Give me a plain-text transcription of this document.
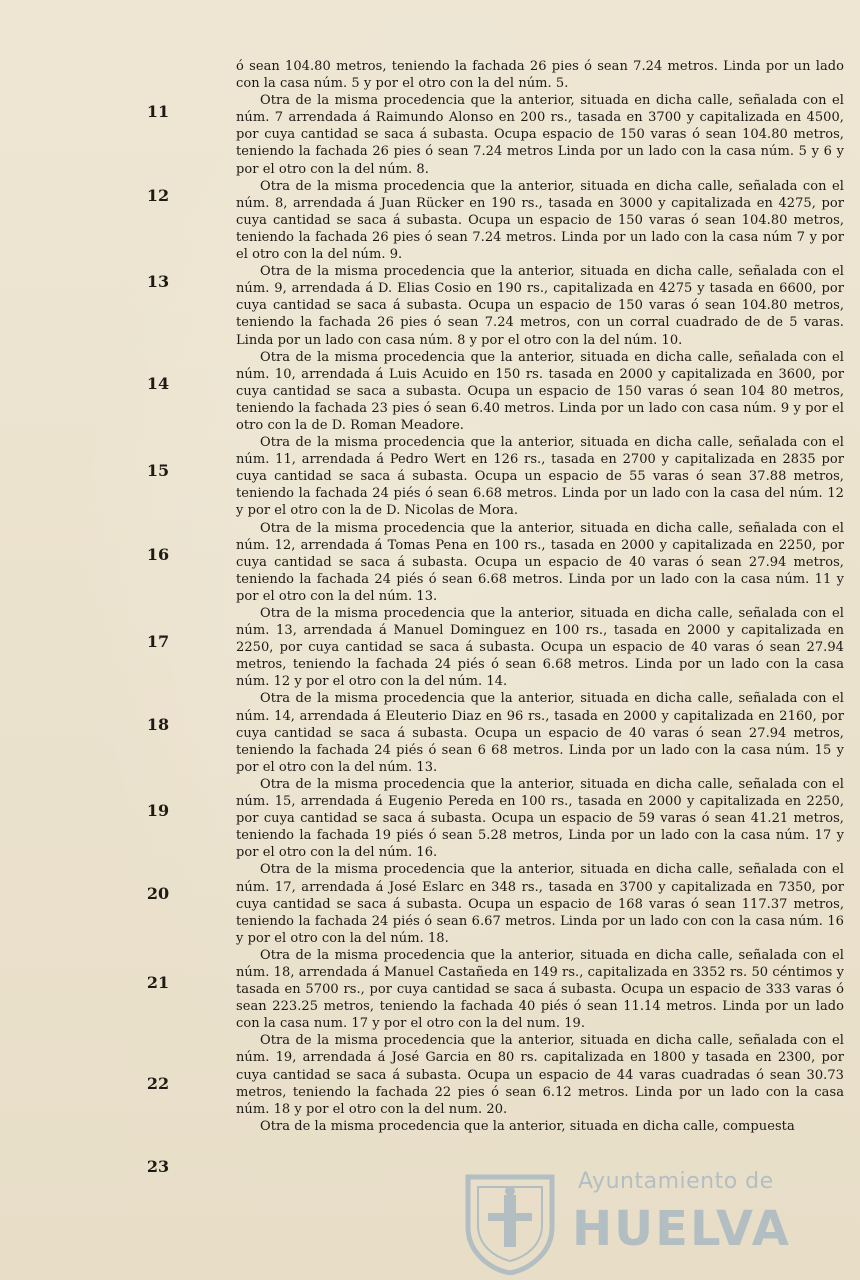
11
12
13
14
15
16
17
18
19
20
21
22
23

ó sean 104.80 metros, teniendo la fachada 26 pies ó sean 7.24 metros. Linda por un lado con la casa núm. 5 y por el otro con la del núm. 5.

Otra de la misma procedencia que la anterior, situada en dicha calle, señalada con el núm. 7 arrendada á Raimundo Alonso en 200 rs., tasada en 3700 y capitalizada en 4500, por cuya cantidad se saca á subasta. Ocupa espacio de 150 varas ó sean 104.80 metros, teniendo la fachada 26 pies ó sean 7.24 metros Linda por un lado con la casa núm. 5 y 6 y por el otro con la del núm. 8.

Otra de la misma procedencia que la anterior, situada en dicha calle, señalada con el núm. 8, arrendada á Juan Rücker en 190 rs., tasada en 3000 y capitalizada en 4275, por cuya cantidad se saca á subasta. Ocupa un espacio de 150 varas ó sean 104.80 metros, teniendo la fachada 26 pies ó sean 7.24 metros. Linda por un lado con la casa núm 7 y por el otro con la del núm. 9.

Otra de la misma procedencia que la anterior, situada en dicha calle, señalada con el núm. 9, arrendada á D. Elias Cosio en 190 rs., capitalizada en 4275 y tasada en 6600, por cuya cantidad se saca á subasta. Ocupa un espacio de 150 varas ó sean 104.80 metros, teniendo la fachada 26 pies ó sean 7.24 metros, con un corral cuadrado de de 5 varas. Linda por un lado con casa núm. 8 y por el otro con la del núm. 10.

Otra de la misma procedencia que la anterior, situada en dicha calle, señalada con el núm. 10, arrendada á Luis Acuido en 150 rs. tasada en 2000 y capitalizada en 3600, por cuya cantidad se saca a subasta. Ocupa un espacio de 150 varas ó sean 104 80 metros, teniendo la fachada 23 pies ó sean 6.40 metros. Linda por un lado con casa núm. 9 y por el otro con la de D. Roman Meadore.

Otra de la misma procedencia que la anterior, situada en dicha calle, señalada con el núm. 11, arrendada á Pedro Wert en 126 rs., tasada en 2700 y capitalizada en 2835 por cuya cantidad se saca á subasta. Ocupa un espacio de 55 varas ó sean 37.88 metros, teniendo la fachada 24 piés ó sean 6.68 metros. Linda por un lado con la casa del núm. 12 y por el otro con la de D. Nicolas de Mora.

Otra de la misma procedencia que la anterior, situada en dicha calle, señalada con el núm. 12, arrendada á Tomas Pena en 100 rs., tasada en 2000 y capitalizada en 2250, por cuya cantidad se saca á subasta. Ocupa un espacio de 40 varas ó sean 27.94 metros, teniendo la fachada 24 piés ó sean 6.68 metros. Linda por un lado con la casa núm. 11 y por el otro con la del núm. 13.

Otra de la misma procedencia que la anterior, situada en dicha calle, señalada con el núm. 13, arrendada á Manuel Dominguez en 100 rs., tasada en 2000 y capitalizada en 2250, por cuya cantidad se saca á subasta. Ocupa un espacio de 40 varas ó sean 27.94 metros, teniendo la fachada 24 piés ó sean 6.68 metros. Linda por un lado con la casa núm. 12 y por el otro con la del núm. 14.

Otra de la misma procedencia que la anterior, situada en dicha calle, señalada con el núm. 14, arrendada á Eleuterio Diaz en 96 rs., tasada en 2000 y capitalizada en 2160, por cuya cantidad se saca á subasta. Ocupa un espacio de 40 varas ó sean 27.94 metros, teniendo la fachada 24 piés ó sean 6 68 metros. Linda por un lado con la casa núm. 15 y por el otro con la del núm. 13.

Otra de la misma procedencia que la anterior, situada en dicha calle, señalada con el núm. 15, arrendada á Eugenio Pereda en 100 rs., tasada en 2000 y capitalizada en 2250, por cuya cantidad se saca á subasta. Ocupa un espacio de 59 varas ó sean 41.21 metros, teniendo la fachada 19 piés ó sean 5.28 metros, Linda por un lado con la casa núm. 17 y por el otro con la del núm. 16.

Otra de la misma procedencia que la anterior, situada en dicha calle, señalada con el núm. 17, arrendada á José Eslarc en 348 rs., tasada en 3700 y capitalizada en 7350, por cuya cantidad se saca á subasta. Ocupa un espacio de 168 varas ó sean 117.37 metros, teniendo la fachada 24 piés ó sean 6.67 metros. Linda por un lado con con la casa núm. 16 y por el otro con la del núm. 18.

Otra de la misma procedencia que la anterior, situada en dicha calle, señalada con el núm. 18, arrendada á Manuel Castañeda en 149 rs., capitalizada en 3352 rs. 50 céntimos y tasada en 5700 rs., por cuya cantidad se saca á subasta. Ocupa un espacio de 333 varas ó sean 223.25 metros, teniendo la fachada 40 piés ó sean 11.14 metros. Linda por un lado con la casa num. 17 y por el otro con la del num. 19.

Otra de la misma procedencia que la anterior, situada en dicha calle, señalada con el núm. 19, arrendada á José Garcia en 80 rs. capitalizada en 1800 y tasada en 2300, por cuya cantidad se saca á subasta. Ocupa un espacio de 44 varas cuadradas ó sean 30.73 metros, teniendo la fachada 22 pies ó sean 6.12 metros. Linda por un lado con la casa núm. 18 y por el otro con la del num. 20.

Otra de la misma procedencia que la anterior, situada en dicha calle, compuesta

Ayuntamiento de
HUELVA
